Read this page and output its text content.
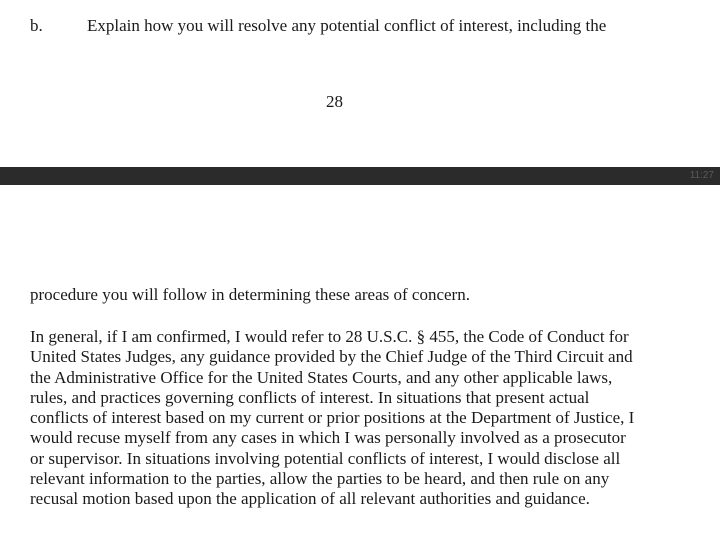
b.	Explain how you will resolve any potential conflict of interest, including the
28
11:27
procedure you will follow in determining these areas of concern.
In general, if I am confirmed, I would refer to 28 U.S.C. § 455, the Code of Conduct for
United States Judges, any guidance provided by the Chief Judge of the Third Circuit and
the Administrative Office for the United States Courts, and any other applicable laws,
rules, and practices governing conflicts of interest. In situations that present actual
conflicts of interest based on my current or prior positions at the Department of Justice, I
would recuse myself from any cases in which I was personally involved as a prosecutor
or supervisor. In situations involving potential conflicts of interest, I would disclose all
relevant information to the parties, allow the parties to be heard, and then rule on any
recusal motion based upon the application of all relevant authorities and guidance.
